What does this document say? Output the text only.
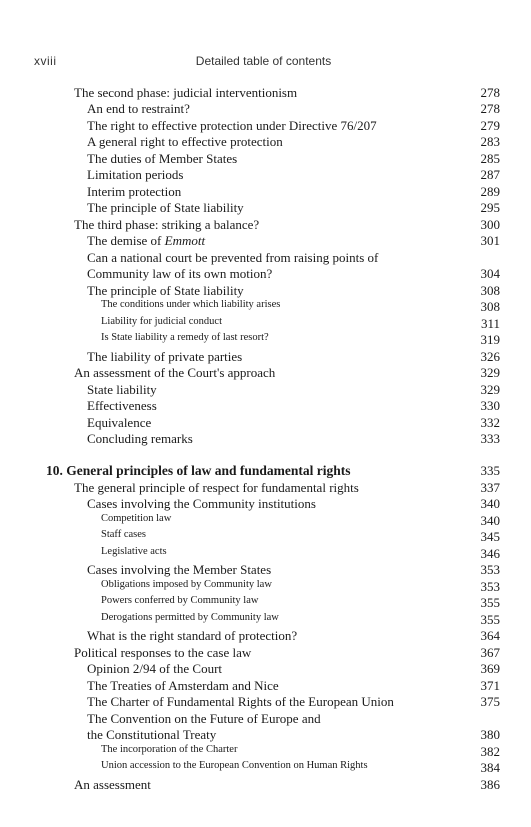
xviii	Detailed table of contents
The second phase: judicial interventionism	278
An end to restraint?	278
The right to effective protection under Directive 76/207	279
A general right to effective protection	283
The duties of Member States	285
Limitation periods	287
Interim protection	289
The principle of State liability	295
The third phase: striking a balance?	300
The demise of Emmott	301
Can a national court be prevented from raising points of
Community law of its own motion?	304
The principle of State liability	308
The conditions under which liability arises	308
Liability for judicial conduct	311
Is State liability a remedy of last resort?	319
The liability of private parties	326
An assessment of the Court's approach	329
State liability	329
Effectiveness	330
Equivalence	332
Concluding remarks	333
10. General principles of law and fundamental rights	335
The general principle of respect for fundamental rights	337
Cases involving the Community institutions	340
Competition law	340
Staff cases	345
Legislative acts	346
Cases involving the Member States	353
Obligations imposed by Community law	353
Powers conferred by Community law	355
Derogations permitted by Community law	355
What is the right standard of protection?	364
Political responses to the case law	367
Opinion 2/94 of the Court	369
The Treaties of Amsterdam and Nice	371
The Charter of Fundamental Rights of the European Union	375
The Convention on the Future of Europe and
the Constitutional Treaty	380
The incorporation of the Charter	382
Union accession to the European Convention on Human Rights	384
An assessment	386
